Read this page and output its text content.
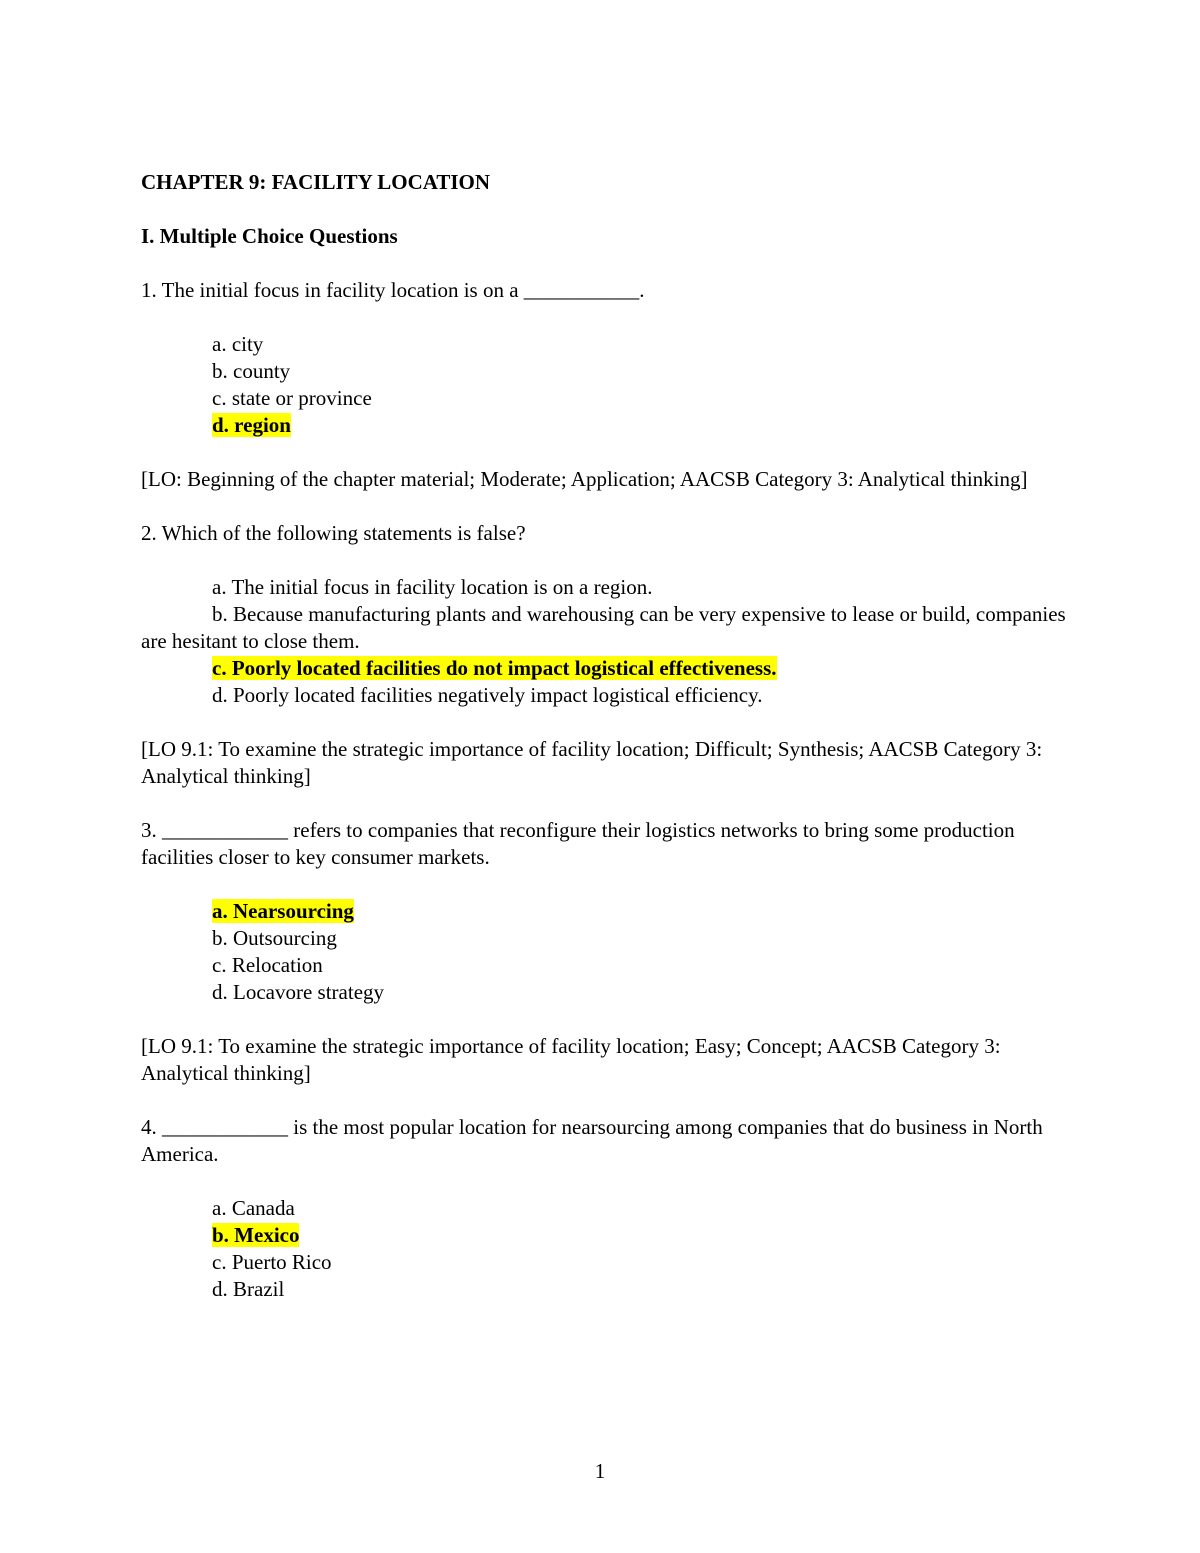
CHAPTER 9: FACILITY LOCATION
I. Multiple Choice Questions
1. The initial focus in facility location is on a ___________.
a. city
b. county
c. state or province
d. region
[LO: Beginning of the chapter material; Moderate; Application; AACSB Category 3: Analytical thinking]
2. Which of the following statements is false?
a. The initial focus in facility location is on a region.
b. Because manufacturing plants and warehousing can be very expensive to lease or build, companies are hesitant to close them.
c. Poorly located facilities do not impact logistical effectiveness.
d. Poorly located facilities negatively impact logistical efficiency.
[LO 9.1: To examine the strategic importance of facility location; Difficult; Synthesis; AACSB Category 3: Analytical thinking]
3. ____________ refers to companies that reconfigure their logistics networks to bring some production facilities closer to key consumer markets.
a. Nearsourcing
b. Outsourcing
c. Relocation
d. Locavore strategy
[LO 9.1: To examine the strategic importance of facility location; Easy; Concept; AACSB Category 3: Analytical thinking]
4. ____________ is the most popular location for nearsourcing among companies that do business in North America.
a. Canada
b. Mexico
c. Puerto Rico
d. Brazil
1
